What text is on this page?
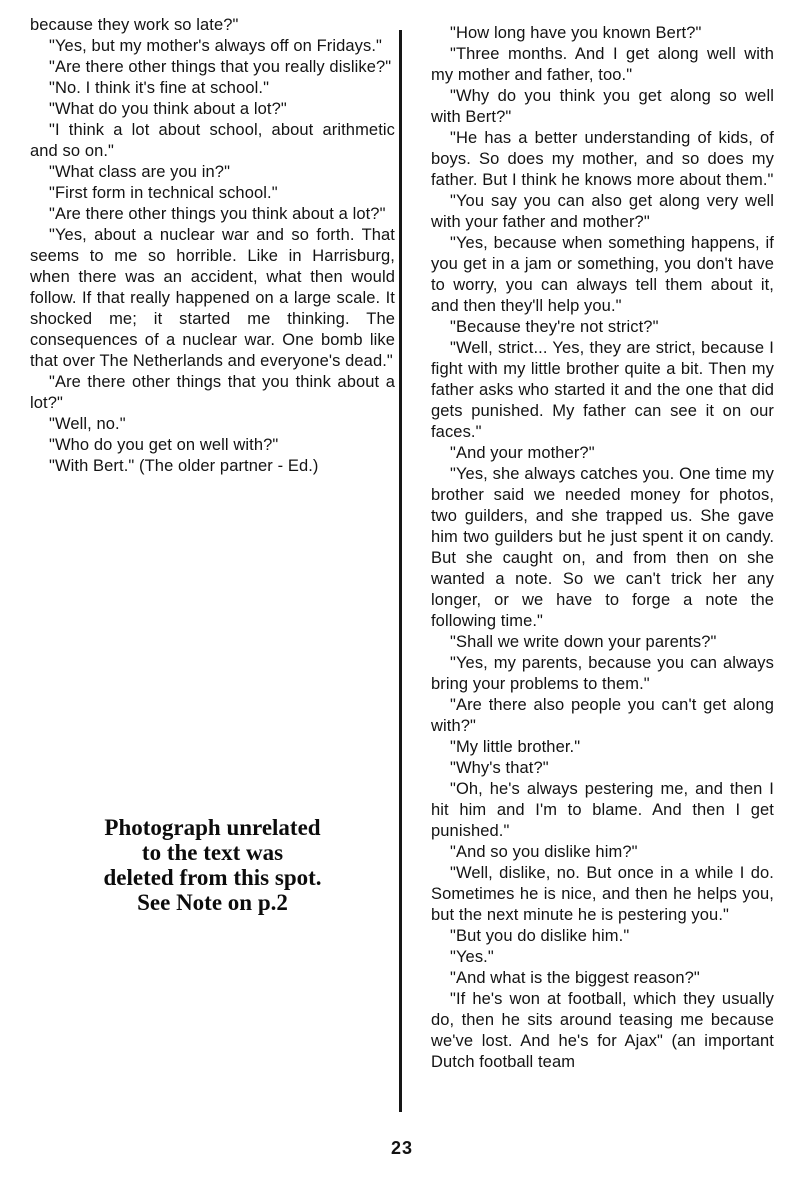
because they work so late?"

"Yes, but my mother's always off on Fridays."

"Are there other things that you really dislike?"

"No. I think it's fine at school."

"What do you think about a lot?"

"I think a lot about school, about arithmetic and so on."

"What class are you in?"

"First form in technical school."

"Are there other things you think about a lot?"

"Yes, about a nuclear war and so forth. That seems to me so horrible. Like in Harrisburg, when there was an accident, what then would follow. If that really happened on a large scale. It shocked me; it started me thinking. The consequences of a nuclear war. One bomb like that over The Netherlands and everyone's dead."

"Are there other things that you think about a lot?"

"Well, no."

"Who do you get on well with?"

"With Bert." (The older partner - Ed.)

Photograph unrelated
to the text was
deleted from this spot.
See Note on p.2

"How long have you known Bert?"

"Three months. And I get along well with my mother and father, too."

"Why do you think you get along so well with Bert?"

"He has a better understanding of kids, of boys. So does my mother, and so does my father. But I think he knows more about them."

"You say you can also get along very well with your father and mother?"

"Yes, because when something happens, if you get in a jam or something, you don't have to worry, you can always tell them about it, and then they'll help you."

"Because they're not strict?"

"Well, strict... Yes, they are strict, because I fight with my little brother quite a bit. Then my father asks who started it and the one that did gets punished. My father can see it on our faces."

"And your mother?"

"Yes, she always catches you. One time my brother said we needed money for photos, two guilders, and she trapped us. She gave him two guilders but he just spent it on candy. But she caught on, and from then on she wanted a note. So we can't trick her any longer, or we have to forge a note the following time."

"Shall we write down your parents?"

"Yes, my parents, because you can always bring your problems to them."

"Are there also people you can't get along with?"

"My little brother."

"Why's that?"

"Oh, he's always pestering me, and then I hit him and I'm to blame. And then I get punished."

"And so you dislike him?"

"Well, dislike, no. But once in a while I do. Sometimes he is nice, and then he helps you, but the next minute he is pestering you."

"But you do dislike him."

"Yes."

"And what is the biggest reason?"

"If he's won at football, which they usually do, then he sits around teasing me because we've lost. And he's for Ajax" (an important Dutch football team

23
